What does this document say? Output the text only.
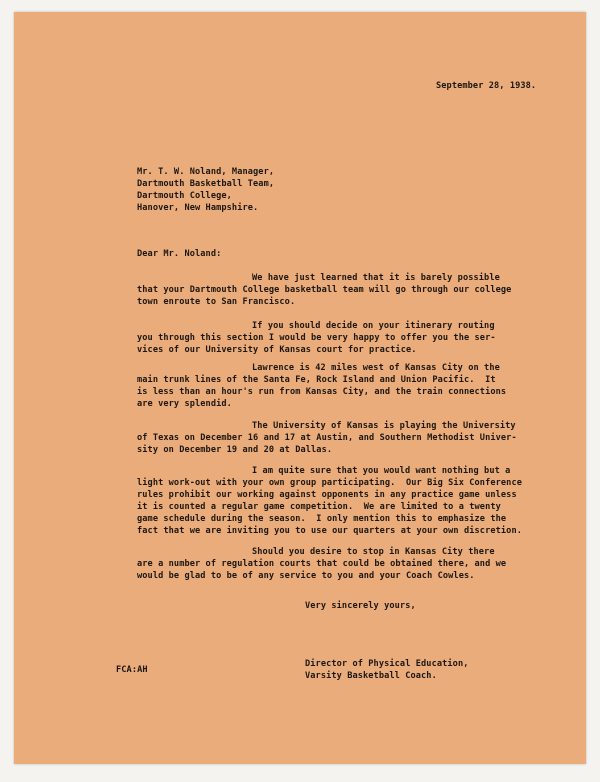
September 28, 1938.
Mr. T. W. Noland, Manager,
Dartmouth Basketball Team,
Dartmouth College,
Hanover, New Hampshire.
Dear Mr. Noland:
We have just learned that it is barely possible
that your Dartmouth College basketball team will go through our college
town enroute to San Francisco.
If you should decide on your itinerary routing
you through this section I would be very happy to offer you the ser-
vices of our University of Kansas court for practice.
Lawrence is 42 miles west of Kansas City on the
main trunk lines of the Santa Fe, Rock Island and Union Pacific.  It
is less than an hour's run from Kansas City, and the train connections
are very splendid.
The University of Kansas is playing the University
of Texas on December 16 and 17 at Austin, and Southern Methodist Univer-
sity on December 19 and 20 at Dallas.
I am quite sure that you would want nothing but a
light work-out with your own group participating.  Our Big Six Conference
rules prohibit our working against opponents in any practice game unless
it is counted a regular game competition.  We are limited to a twenty
game schedule during the season.  I only mention this to emphasize the
fact that we are inviting you to use our quarters at your own discretion.
Should you desire to stop in Kansas City there
are a number of regulation courts that could be obtained there, and we
would be glad to be of any service to you and your Coach Cowles.
Very sincerely yours,
FCA:AH
Director of Physical Education,
Varsity Basketball Coach.
